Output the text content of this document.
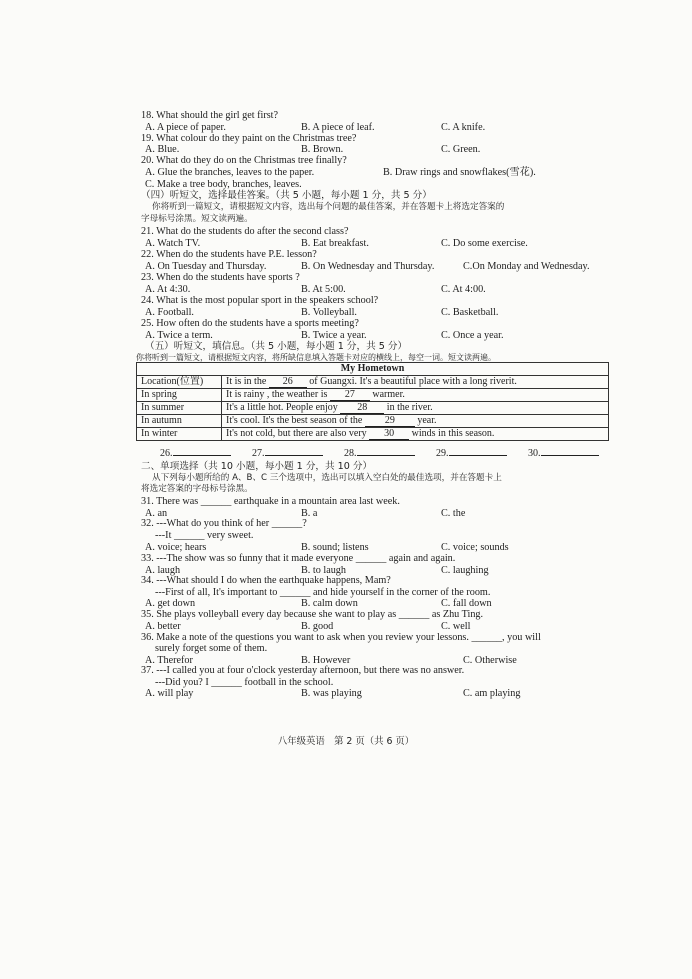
18. What should the girl get first?
A. A piece of paper.	B. A piece of leaf.	C. A knife.
19. What colour do they paint on the Christmas tree?
A. Blue.	B. Brown.	C. Green.
20. What do they do on the Christmas tree finally?
A. Glue the branches, leaves to the paper.	B. Draw rings and snowflakes(雪花).
C. Make a tree body, branches, leaves.
（四）听短文，选择最佳答案。（共 5 小题，每小题 1 分，共 5 分）
你将听到一篇短文，请根据短文内容，选出每个问题的最佳答案，并在答题卡上将选定答案的
字母标号涂黑。短文读两遍。
21. What do the students do after the second class?
A. Watch TV.	B. Eat breakfast.	C. Do some exercise.
22. When do the students have P.E. lesson?
A. On Tuesday and Thursday.	B. On Wednesday and Thursday.	C.On Monday and Wednesday.
23. When do the students have sports ?
A. At 4:30.	B. At 5:00.	C. At 4:00.
24. What is the most popular sport in the speakers school?
A. Football.	B. Volleyball.	C. Basketball.
25. How often do the students have a sports meeting?
A. Twice a term.	B. Twice a year.	C. Once a year.
（五）听短文，填信息。（共 5 小题，每小题 1 分，共 5 分）
你将听到一篇短文，请根据短文内容，将所缺信息填入答题卡对应的横线上，每空一词。短文读两遍。
My Hometown	
Location(位置)	It is in the 26 of Guangxi. It's a beautiful place with a long riverit.
In spring	It is rainy , the weather is 27 warmer.
In summer	It's a little hot. People enjoy 28 in the river.
In autumn	It's cool. It's the best season of the 29 year.
In winter	It's not cold, but there are also very 30 winds in this season.
26.	27.	28.	29.	30.
二、单项选择（共 10 小题，每小题 1 分，共 10 分）
从下列每小题所给的 A、B、C 三个选项中，选出可以填入空白处的最佳选项，并在答题卡上
将选定答案的字母标号涂黑。
31. There was ______ earthquake in a mountain area last week.
A. an	B. a	C. the
32. ---What do you think of her ______?
---It ______ very sweet.
A. voice; hears	B. sound; listens	C. voice; sounds
33. ---The show was so funny that it made everyone ______ again and again.
A. laugh	B. to laugh	C. laughing
34. ---What should I do when the earthquake happens, Mam?
---First of all, It's important to ______ and hide yourself in the corner of the room.
A. get down	B. calm down	C. fall down
35. She plays volleyball every day because she want to play as ______ as Zhu Ting.
A. better	B. good	C. well
36. Make a note of the questions you want to ask when you review your lessons. ______, you will
surely forget some of them.
A. Therefor	B. However	C. Otherwise
37. ---I called you at four o'clock yesterday afternoon, but there was no answer.
---Did you? I ______ football in the school.
A. will play	B. was playing	C. am playing
八年级英语　第 2 页（共 6 页）
